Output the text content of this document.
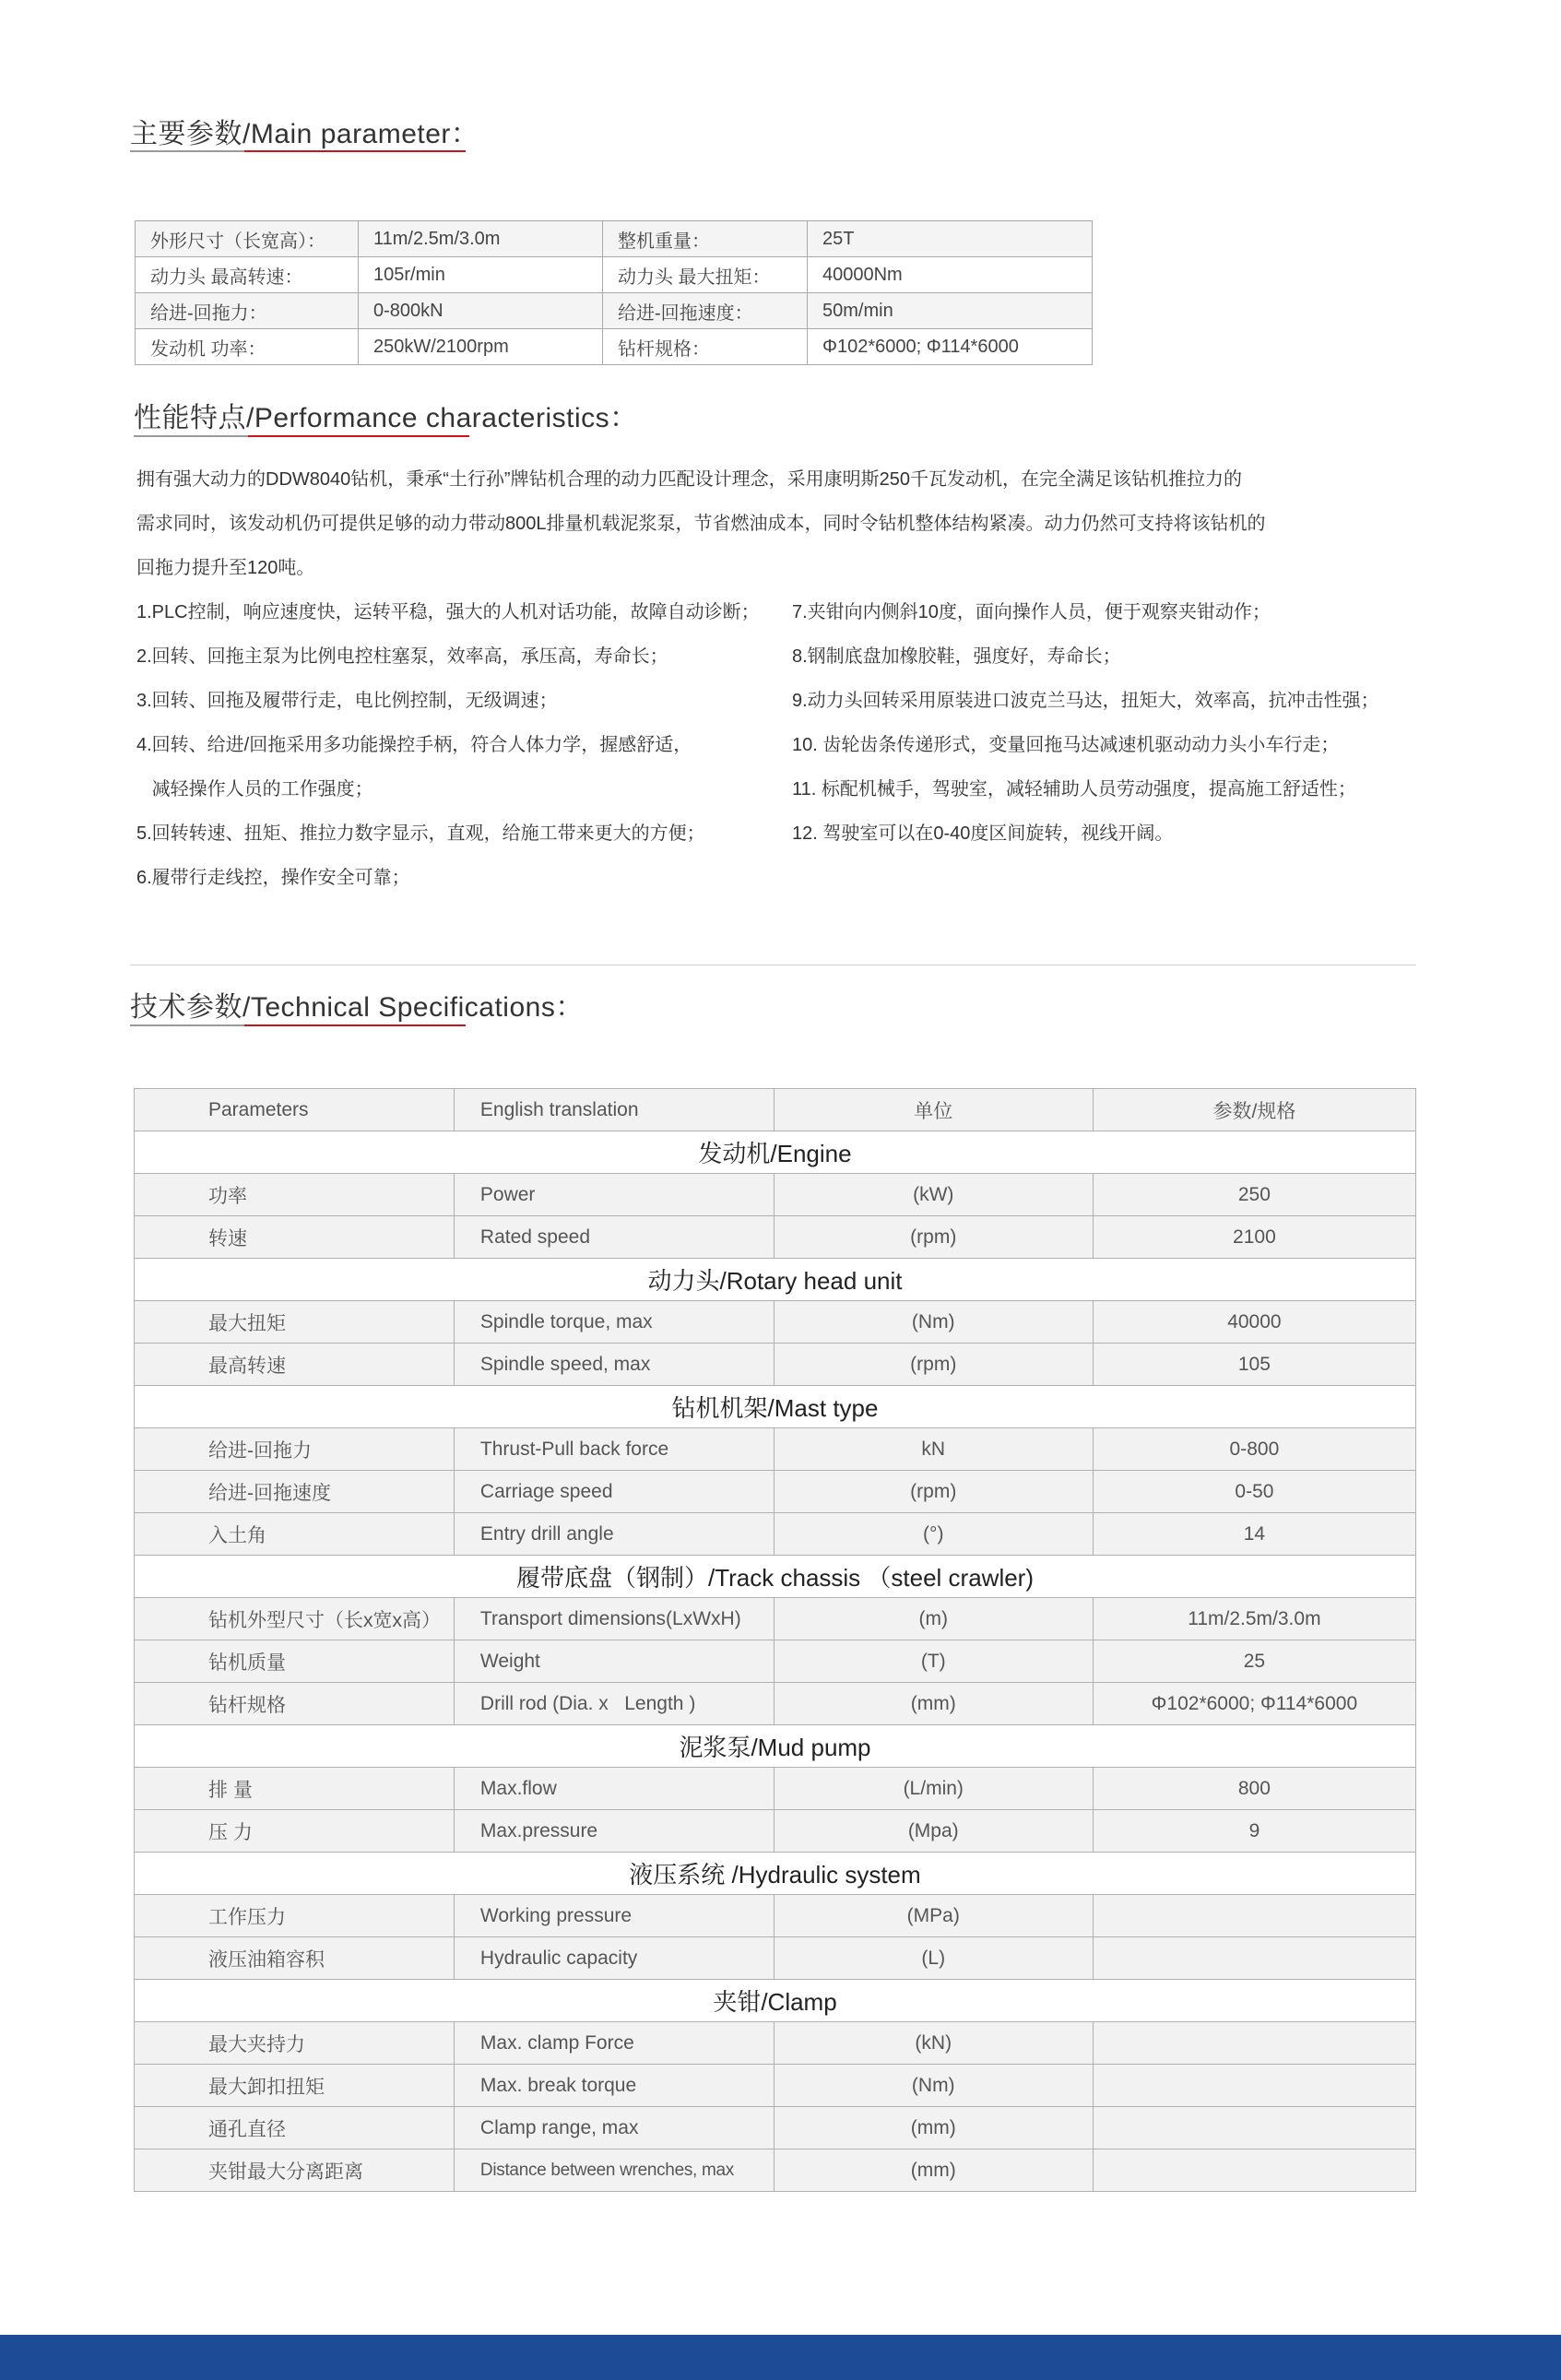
主要参数/Main parameter：
外形尺寸（长宽高）：	11m/2.5m/3.0m	整机重量：	25T
动力头 最高转速：	105r/min	动力头 最大扭矩：	40000Nm
给进-回拖力：	0-800kN	给进-回拖速度：	50m/min
发动机 功率：	250kW/2100rpm	钻杆规格：	Φ102*6000; Φ114*6000
性能特点/Performance characteristics：
拥有强大动力的DDW8040钻机，秉承“土行孙”牌钻机合理的动力匹配设计理念，采用康明斯250千瓦发动机，在完全满足该钻机推拉力的
需求同时，该发动机仍可提供足够的动力带动800L排量机载泥浆泵，节省燃油成本，同时令钻机整体结构紧凑。动力仍然可支持将该钻机的
回拖力提升至120吨。
1.PLC控制，响应速度快，运转平稳，强大的人机对话功能，故障自动诊断；
2.回转、回拖主泵为比例电控柱塞泵，效率高，承压高，寿命长；
3.回转、回拖及履带行走，电比例控制，无级调速；
4.回转、给进/回拖采用多功能操控手柄，符合人体力学，握感舒适，
减轻操作人员的工作强度；
5.回转转速、扭矩、推拉力数字显示，直观，给施工带来更大的方便；
6.履带行走线控，操作安全可靠；
7.夹钳向内侧斜10度，面向操作人员，便于观察夹钳动作；
8.钢制底盘加橡胶鞋，强度好，寿命长；
9.动力头回转采用原装进口波克兰马达，扭矩大，效率高，抗冲击性强；
10. 齿轮齿条传递形式，变量回拖马达减速机驱动动力头小车行走；
11. 标配机械手，驾驶室，减轻辅助人员劳动强度，提高施工舒适性；
12. 驾驶室可以在0-40度区间旋转，视线开阔。
技术参数/Technical Specifications：
Parameters	English translation	单位	参数/规格
发动机/Engine			
功率	Power	(kW)	250
转速	Rated speed	(rpm)	2100
动力头/Rotary head unit			
最大扭矩	Spindle torque, max	(Nm)	40000
最高转速	Spindle speed, max	(rpm)	105
钻机机架/Mast type			
给进-回拖力	Thrust-Pull back force	kN	0-800
给进-回拖速度	Carriage speed	(rpm)	0-50
入土角	Entry drill angle	(°)	14
履带底盘（钢制）/Track chassis （steel crawler)			
钻机外型尺寸（长x宽x高）	Transport dimensions(LxWxH)	(m)	11m/2.5m/3.0m
钻机质量	Weight	(T)	25
钻杆规格	Drill rod (Dia. x   Length )	(mm)	Φ102*6000; Φ114*6000
泥浆泵/Mud pump			
排 量	Max.flow	(L/min)	800
压 力	Max.pressure	(Mpa)	9
液压系统 /Hydraulic system			
工作压力	Working pressure	(MPa)	
液压油箱容积	Hydraulic capacity	(L)	
夹钳/Clamp			
最大夹持力	Max. clamp Force	(kN)	
最大卸扣扭矩	Max. break torque	(Nm)	
通孔直径	Clamp range, max	(mm)	
夹钳最大分离距离	Distance between wrenches, max	(mm)	
